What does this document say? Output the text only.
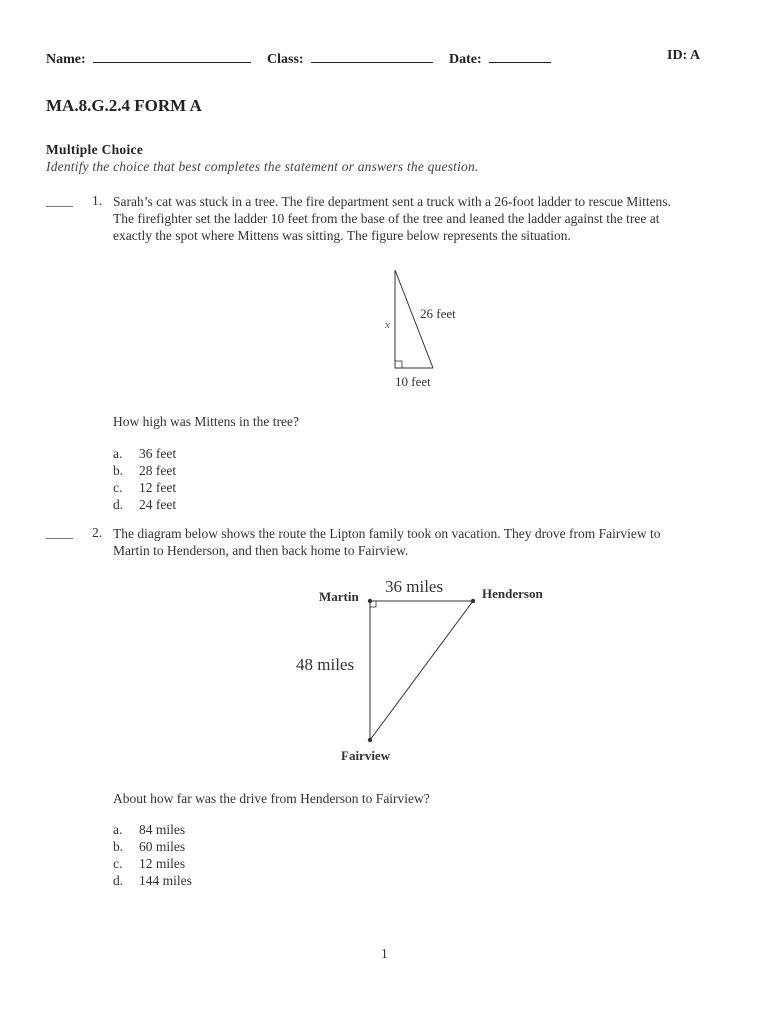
Name:	Class:	Date:	ID: A
MA.8.G.2.4 FORM A
Multiple Choice
Identify the choice that best completes the statement or answers the question.
____ 1. Sarah’s cat was stuck in a tree. The fire department sent a truck with a 26-foot ladder to rescue Mittens.
The firefighter set the ladder 10 feet from the base of the tree and leaned the ladder against the tree at
exactly the spot where Mittens was sitting. The figure below represents the situation.
26 feet
x
10 feet
How high was Mittens in the tree?
a. 36 feet
b. 28 feet
c. 12 feet
d. 24 feet
____ 2. The diagram below shows the route the Lipton family took on vacation. They drove from Fairview to
Martin to Henderson, and then back home to Fairview.
Martin	Henderson
Fairview
36 miles
48 miles
About how far was the drive from Henderson to Fairview?
a. 84 miles
b. 60 miles
c. 12 miles
d. 144 miles
1
